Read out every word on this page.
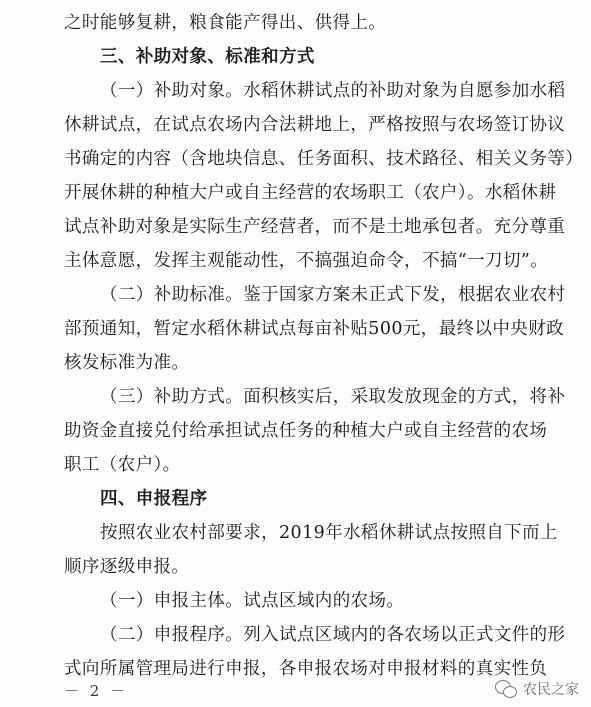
之时能够复耕，粮食能产得出、供得上。
三、补助对象、标准和方式
（一）补助对象。水稻休耕试点的补助对象为自愿参加水稻
休耕试点，在试点农场内合法耕地上，严格按照与农场签订协议
书确定的内容（含地块信息、任务面积、技术路径、相关义务等）
开展休耕的种植大户或自主经营的农场职工（农户）。水稻休耕
试点补助对象是实际生产经营者，而不是土地承包者。充分尊重
主体意愿，发挥主观能动性，不搞强迫命令，不搞“一刀切”。
（二）补助标准。鉴于国家方案未正式下发，根据农业农村
部预通知，暂定水稻休耕试点每亩补贴500元，最终以中央财政
核发标准为准。
（三）补助方式。面积核实后，采取发放现金的方式，将补
助资金直接兑付给承担试点任务的种植大户或自主经营的农场
职工（农户）。
四、申报程序
按照农业农村部要求，2019年水稻休耕试点按照自下而上
顺序逐级申报。
（一）申报主体。试点区域内的农场。
（二）申报程序。列入试点区域内的各农场以正式文件的形
式向所属管理局进行申报，各申报农场对申报材料的真实性负
－ 2 －	农民之家
